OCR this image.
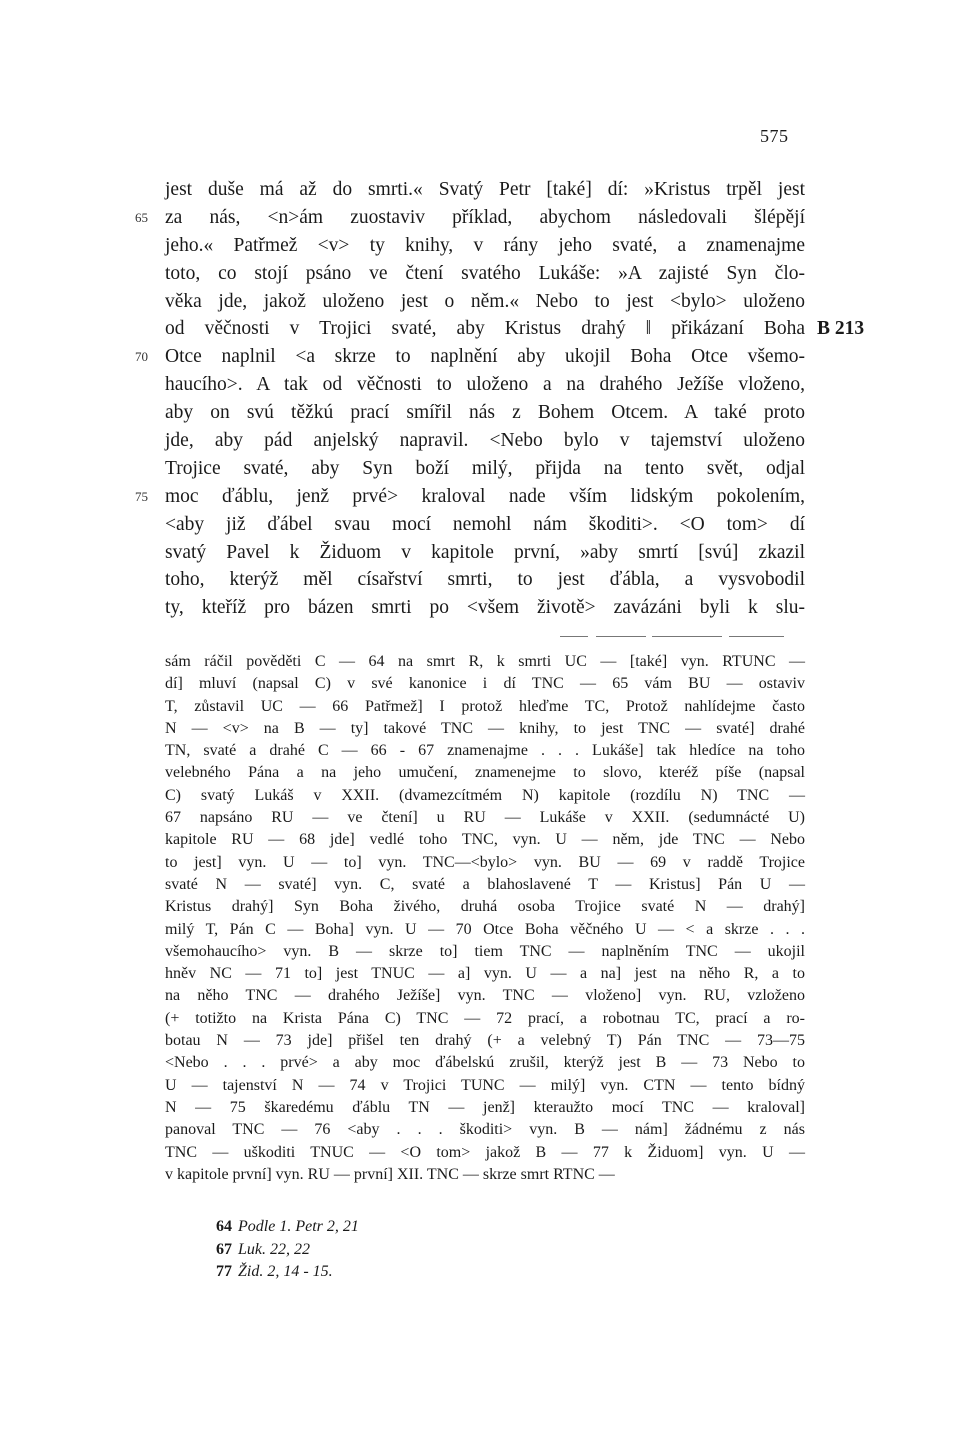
575
jest duše má až do smrti.« Svatý Petr [také] dí: »Kristus trpěl jest
65 za nás, <n>ám zuostaviv příklad, abychom následovali šlépějí
jeho.« Patřmež <v> ty knihy, v rány jeho svaté, a znamenajme
toto, co stojí psáno ve čtení svatého Lukáše: »A zajisté Syn člo-
věka jde, jakož uloženo jest o něm.« Nebo to jest <bylo> uloženo
od věčnosti v Trojici svaté, aby Kristus drahý ‖ přikázaní Boha B 213
70 Otce naplnil <a skrze to naplnění aby ukojil Boha Otce všemo-
haucího>. A tak od věčnosti to uloženo a na drahého Ježíše vloženo,
aby on svú těžkú prací smířil nás z Bohem Otcem. A také proto
jde, aby pád anjelský napravil. <Nebo bylo v tajemství uloženo
Trojice svaté, aby Syn boží milý, přijda na tento svět, odjal
75 moc ďáblu, jenž prvé> kraloval nade vším lidským pokolením,
<aby již ďábel svau mocí nemohl nám škoditi>. <O tom> dí
svatý Pavel k Židuom v kapitole první, »aby smrtí [svú] zkazil
toho, kterýž měl císařství smrti, to jest ďábla, a vysvobodil
ty, kteříž pro bázen smrti po <všem životě> zavázáni byli k slu-
sám ráčil pověděti C — 64 na smrt R, k smrti UC — [také] vyn. RTUNC —
dí] mluví (napsal C) v své kanonice i dí TNC — 65 vám BU — ostaviv
T, zůstavil UC — 66 Patřmež] I protož hleďme TC, Protož nahlídejme často
N — <v> na B — ty] takové TNC — knihy, to jest TNC — svaté] drahé
TN, svaté a drahé C — 66 - 67 znamenajme . . . Lukáše] tak hledíce na toho
velebného Pána a na jeho umučení, znamenejme to slovo, kteréž píše (napsal
C) svatý Lukáš v XXII. (dvamezcítmém N) kapitole (rozdílu N) TNC —
67 napsáno RU — ve čtení] u RU — Lukáše v XXII. (sedumnácté U)
kapitole RU — 68 jde] vedlé toho TNC, vyn. U — něm, jde TNC — Nebo
to jest] vyn. U — to] vyn. TNC—<bylo> vyn. BU — 69 v raddě Trojice
svaté N — svaté] vyn. C, svaté a blahoslavené T — Kristus] Pán U —
Kristus drahý] Syn Boha živého, druhá osoba Trojice svaté N — drahý]
milý T, Pán C — Boha] vyn. U — 70 Otce Boha věčného U — < a skrze . . .
všemohaucího> vyn. B — skrze to] tiem TNC — naplněním TNC — ukojil
hněv NC — 71 to] jest TNUC — a] vyn. U — a na] jest na něho R, a to
na něho TNC — drahého Ježíše] vyn. TNC — vloženo] vyn. RU, vzloženo
(+ totižto na Krista Pána C) TNC — 72 prací, a robotnau TC, prací a ro-
botau N — 73 jde] přišel ten drahý (+ a velebný T) Pán TNC — 73—75
<Nebo . . . prvé> a aby moc ďábelskú zrušil, kterýž jest B — 73 Nebo to
U — tajenství N — 74 v Trojici TUNC — milý] vyn. CTN — tento bídný
N — 75 škaredému ďáblu TN — jenž] kteraužto mocí TNC — kraloval]
panoval TNC — 76 <aby . . . škoditi> vyn. B — nám] žádnému z nás
TNC — uškoditi TNUC — <O tom> jakož B — 77 k Židuom] vyn. U —
v kapitole první] vyn. RU — první] XII. TNC — skrze smrt RTNC —
64 Podle 1. Petr 2, 21
67 Luk. 22, 22
77 Žid. 2, 14 - 15.
